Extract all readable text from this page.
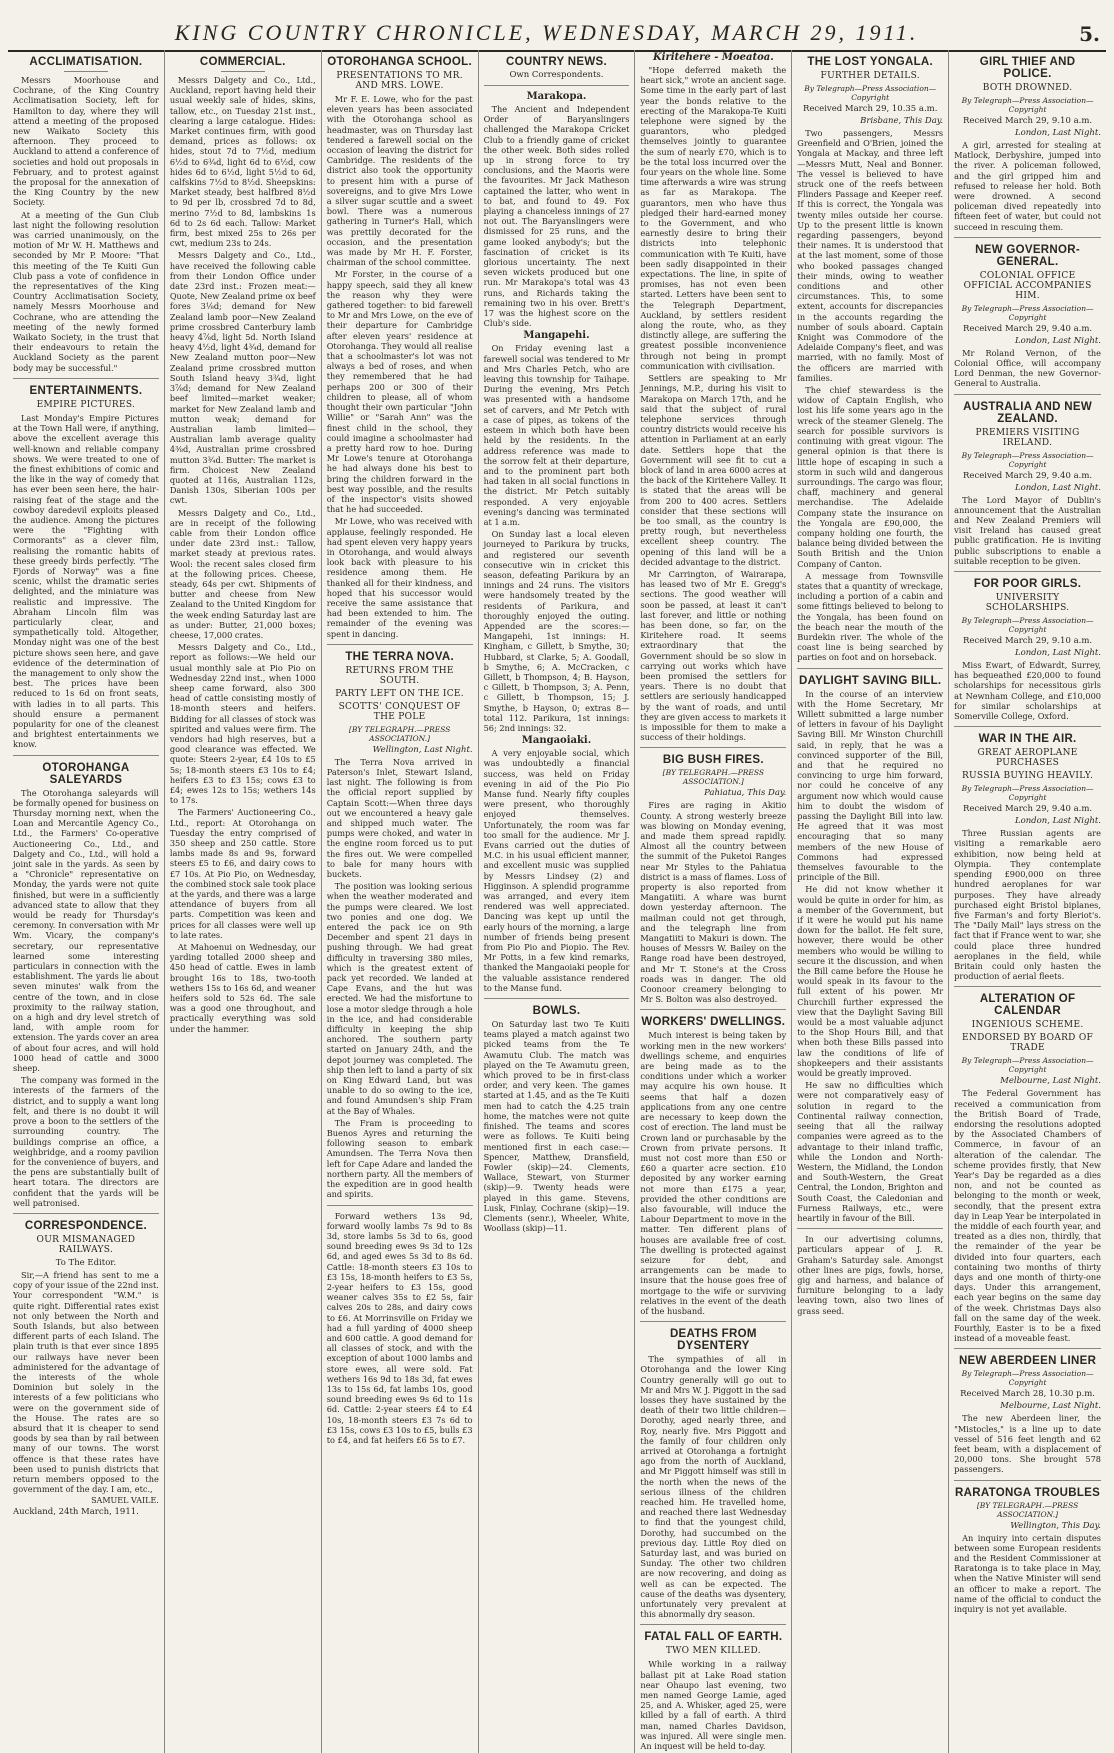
KING COUNTRY CHRONICLE, WEDNESDAY, MARCH 29, 1911.	5.
ACCLIMATISATION.

Messrs Moorhouse and Cochrane, of the King Country Acclimatisation Society, left for Hamilton to day, where they will attend a meeting of the proposed new Waikato Society this afternoon. They proceed to Auckland to attend a conference of societies and hold out proposals in February, and to protest against the proposal for the annexation of the King Country by the new Society.

At a meeting of the Gun Club last night the following resolution was carried unanimously, on the motion of Mr W. H. Matthews and seconded by Mr P. Moore: "That this meeting of the Te Kuiti Gun Club pass a vote of confidence in the representatives of the King Country Acclimatisation Society, namely Messrs Moorhouse and Cochrane, who are attending the meeting of the newly formed Waikato Society, in the trust that their endeavours to retain the Auckland Society as the parent body may be successful."

ENTERTAINMENTS.
EMPIRE PICTURES.

Last Monday's Empire Pictures at the Town Hall were, if anything, above the excellent average this well-known and reliable company shows. We were treated to one of the finest exhibitions of comic and the like in the way of comedy that has ever been seen here, the hair-raising feat of the stage and the cowboy daredevil exploits pleased the audience. Among the pictures were the "Fighting with Cormorants" as a clever film, realising the romantic habits of these greedy birds perfectly. "The Fjords of Norway" was a fine scenic, whilst the dramatic series delighted, and the miniature was realistic and impressive. The Abraham Lincoln film was particularly clear, and sympathetically told. Altogether, Monday night was one of the best picture shows seen here, and gave evidence of the determination of the management to only show the best. The prices have been reduced to 1s 6d on front seats, with ladies in to all parts. This should ensure a permanent popularity for one of the cleanest and brightest entertainments we know.

OTOROHANGA SALEYARDS

The Otorohanga saleyards will be formally opened for business on Thursday morning next, when the Loan and Mercantile Agency Co., Ltd., the Farmers' Co-operative Auctioneering Co., Ltd., and Dalgety and Co., Ltd., will hold a joint sale in the yards. As seen by a "Chronicle" representative on Monday, the yards were not quite finished, but were in a sufficiently advanced state to allow that they would be ready for Thursday's ceremony. In conversation with Mr Wm. Vicary, the company's secretary, our representative learned some interesting particulars in connection with the establishment. The yards lie about seven minutes' walk from the centre of the town, and in close proximity to the railway station, on a high and dry level stretch of land, with ample room for extension. The yards cover an area of about four acres, and will hold 1000 head of cattle and 3000 sheep.

The company was formed in the interests of the farmers of the district, and to supply a want long felt, and there is no doubt it will prove a boon to the settlers of the surrounding country. The buildings comprise an office, a weighbridge, and a roomy pavilion for the convenience of buyers, and the pens are substantially built of heart totara. The directors are confident that the yards will be well patronised.

CORRESPONDENCE.
OUR MISMANAGED RAILWAYS.
To The Editor.

Sir,—A friend has sent to me a copy of your issue of the 22nd inst. Your correspondent "W.M." is quite right. Differential rates exist not only between the North and South Islands, but also between different parts of each Island. The plain truth is that ever since 1895 our railways have never been administered for the advantage of the interests of the whole Dominion but solely in the interests of a few politicians who were on the government side of the House. The rates are so absurd that it is cheaper to send goods by sea than by rail between many of our towns. The worst offence is that these rates have been used to punish districts that return members opposed to the government of the day. I am, etc.,

SAMUEL VAILE.
Auckland, 24th March, 1911.
COMMERCIAL.

Messrs Dalgety and Co., Ltd., Auckland, report having held their usual weekly sale of hides, skins, tallow, etc., on Tuesday 21st inst., clearing a large catalogue. Hides: Market continues firm, with good demand, prices as follows: ox hides, stout 7d to 7½d, medium 6½d to 6¾d, light 6d to 6½d, cow hides 6d to 6½d, light 5½d to 6d, calfskins 7½d to 8½d. Sheepskins: Market steady, best halfbred 8½d to 9d per lb, crossbred 7d to 8d, merino 7½d to 8d, lambskins 1s 6d to 2s 6d each. Tallow: Market firm, best mixed 25s to 26s per cwt, medium 23s to 24s.

Messrs Dalgety and Co., Ltd., have received the following cable from their London Office under date 23rd inst.: Frozen meat:—Quote, New Zealand prime ox beef fores 3⅛d; demand for New Zealand lamb poor—New Zealand prime crossbred Canterbury lamb heavy 4⅞d, light 5d. North Island heavy 4½d, light 4¾d, demand for New Zealand mutton poor—New Zealand prime crossbred mutton South Island heavy 3¾d, light 3⅞d; demand for New Zealand beef limited—market weaker; market for New Zealand lamb and mutton weak; demand for Australian lamb limited—Australian lamb average quality 4⅜d, Australian prime crossbred mutton 3¾d. Butter: The market is firm. Choicest New Zealand quoted at 116s, Australian 112s, Danish 130s, Siberian 100s per cwt.

Messrs Dalgety and Co., Ltd., are in receipt of the following cable from their London office under date 23rd inst.: Tallow, market steady at previous rates. Wool: the recent sales closed firm at the following prices. Cheese, steady, 64s per cwt. Shipments of butter and cheese from New Zealand to the United Kingdom for the week ending Saturday last are as under: Butter, 21,000 boxes; cheese, 17,000 crates.

Messrs Dalgety and Co., Ltd., report as follows:—We held our usual monthly sale at Pio Pio on Wednesday 22nd inst., when 1000 sheep came forward, also 300 head of cattle consisting mostly of 18-month steers and heifers. Bidding for all classes of stock was spirited and values were firm. The vendors had high reserves, but a good clearance was effected. We quote: Steers 2-year, £4 10s to £5 5s; 18-month steers £3 10s to £4; heifers £3 to £3 15s; cows £3 to £4; ewes 12s to 15s; wethers 14s to 17s.

The Farmers' Auctioneering Co., Ltd., report: At Otorohanga on Tuesday the entry comprised of 350 sheep and 250 cattle. Store lambs made 8s and 9s, forward steers £5 to £6, and dairy cows to £7 10s. At Pio Pio, on Wednesday, the combined stock sale took place at the yards, and there was a large attendance of buyers from all parts. Competition was keen and prices for all classes were well up to late rates.

At Mahoenui on Wednesday, our yarding totalled 2000 sheep and 450 head of cattle. Ewes in lamb brought 16s to 18s, two-tooth wethers 15s to 16s 6d, and weaner heifers sold to 52s 6d. The sale was a good one throughout, and practically everything was sold under the hammer.

OTOROHANGA SCHOOL.
PRESENTATIONS TO MR. AND MRS. LOWE.

Mr F. E. Lowe, who for the past eleven years has been associated with the Otorohanga school as headmaster, was on Thursday last tendered a farewell social on the occasion of leaving the district for Cambridge. The residents of the district also took the opportunity to present him with a purse of sovereigns, and to give Mrs Lowe a silver sugar scuttle and a sweet bowl. There was a numerous gathering in Turner's Hall, which was prettily decorated for the occasion, and the presentation was made by Mr H. F. Forster, chairman of the school committee.

Mr Forster, in the course of a happy speech, said they all knew the reason why they were gathered together: to bid farewell to Mr and Mrs Lowe, on the eve of their departure for Cambridge after eleven years' residence at Otorohanga. They would all realise that a schoolmaster's lot was not always a bed of roses, and when they remembered that he had perhaps 200 or 300 of their children to please, all of whom thought their own particular "John Willie" or "Sarah Ann" was the finest child in the school, they could imagine a schoolmaster had a pretty hard row to hoe. During Mr Lowe's tenure at Otorohanga he had always done his best to bring the children forward in the best way possible, and the results of the inspector's visits showed that he had succeeded.

Mr Lowe, who was received with applause, feelingly responded. He had spent eleven very happy years in Otorohanga, and would always look back with pleasure to his residence among them. He thanked all for their kindness, and hoped that his successor would receive the same assistance that had been extended to him. The remainder of the evening was spent in dancing.

THE TERRA NOVA.
RETURNS FROM THE SOUTH.
PARTY LEFT ON THE ICE.
SCOTTS' CONQUEST OF THE POLE
[BY TELEGRAPH.—PRESS ASSOCIATION.]
Wellington, Last Night.

The Terra Nova arrived in Paterson's Inlet, Stewart Island, last night. The following is from the official report supplied by Captain Scott:—When three days out we encountered a heavy gale and shipped much water. The pumps were choked, and water in the engine room forced us to put the fires out. We were compelled to bale for many hours with buckets.

The position was looking serious when the weather moderated and the pumps were cleared. We lost two ponies and one dog. We entered the pack ice on 9th December and spent 21 days in pushing through. We had great difficulty in traversing 380 miles, which is the greatest extent of pack yet recorded. We landed at Cape Evans, and the hut was erected. We had the misfortune to lose a motor sledge through a hole in the ice, and had considerable difficulty in keeping the ship anchored. The southern party started on January 24th, and the depot journey was completed. The ship then left to land a party of six on King Edward Land, but was unable to do so owing to the ice, and found Amundsen's ship Fram at the Bay of Whales.

The Fram is proceeding to Buenos Ayres and returning the following season to embark Amundsen. The Terra Nova then left for Cape Adare and landed the northern party. All the members of the expedition are in good health and spirits.

Forward wethers 13s 9d, forward woolly lambs 7s 9d to 8s 3d, store lambs 5s 3d to 6s, good sound breeding ewes 9s 3d to 12s 6d, and aged ewes 5s 3d to 8s 6d. Cattle: 18-month steers £3 10s to £3 15s, 18-month heifers to £3 5s, 2-year heifers to £3 15s, good weaner calves 35s to £2 5s, fair calves 20s to 28s, and dairy cows to £6. At Morrinsville on Friday we had a full yarding of 4000 sheep and 600 cattle. A good demand for all classes of stock, and with the exception of about 1000 lambs and store ewes, all were sold. Fat wethers 16s 9d to 18s 3d, fat ewes 13s to 15s 6d, fat lambs 10s, good sound breeding ewes 9s 6d to 11s 6d. Cattle: 2-year steers £4 to £4 10s, 18-month steers £3 7s 6d to £3 15s, cows £3 10s to £5, bulls £3 to £4, and fat heifers £6 5s to £7.

COUNTRY NEWS.
Own Correspondents.
Marakopa.

The Ancient and Independent Order of Baryanslingers challenged the Marakopa Cricket Club to a friendly game of cricket the other week. Both sides rolled up in strong force to try conclusions, and the Maoris were the favourites. Mr Jack Matheson captained the latter, who went in to bat, and found to 49. Fox playing a chanceless innings of 27 not out. The Baryanslingers were dismissed for 25 runs, and the game looked anybody's; but the fascination of cricket is its glorious uncertainty. The next seven wickets produced but one run. Mr Marakopa's total was 43 runs, and Richards taking the remaining two in his over. Brett's 17 was the highest score on the Club's side.

Mangapehi.

On Friday evening last a farewell social was tendered to Mr and Mrs Charles Petch, who are leaving this township for Taihape. During the evening, Mrs Petch was presented with a handsome set of carvers, and Mr Petch with a case of pipes, as tokens of the esteem in which both have been held by the residents. In the address reference was made to the sorrow felt at their departure, and to the prominent part both had taken in all social functions in the district. Mr Petch suitably responded. A very enjoyable evening's dancing was terminated at 1 a.m.

On Sunday last a local eleven journeyed to Parikura by trucks, and registered our seventh consecutive win in cricket this season, defeating Parikura by an innings and 24 runs. The visitors were handsomely treated by the residents of Parikura, and thoroughly enjoyed the outing. Appended are the scores:—Mangapehi, 1st innings: H. Kingham, c Gillett, b Smythe, 30; Hubbard, st Clarke, 5; A. Goodall, b Smythe, 6; A. McCracken, c Gillett, b Thompson, 4; B. Hayson, c Gillett, b Thompson, 3; A. Penn, c Gillett, b Thompson, 15; J. Smythe, b Hayson, 0; extras 8—total 112. Parikura, 1st innings: 56; 2nd innings: 32.

Mangaoiaki.

A very enjoyable social, which was undoubtedly a financial success, was held on Friday evening in aid of the Pio Pio Manse fund. Nearly fifty couples were present, who thoroughly enjoyed themselves. Unfortunately, the room was far too small for the audience. Mr J. Evans carried out the duties of M.C. in his usual efficient manner, and excellent music was supplied by Messrs Lindsey (2) and Higginson. A splendid programme was arranged, and every item rendered was well appreciated. Dancing was kept up until the early hours of the morning, a large number of friends being present from Pio Pio and Piopio. The Rev. Mr Potts, in a few kind remarks, thanked the Mangaoiaki people for the valuable assistance rendered to the Manse fund.

BOWLS.

On Saturday last two Te Kuiti teams played a match against two picked teams from the Te Awamutu Club. The match was played on the Te Awamutu green, which proved to be in first-class order, and very keen. The games started at 1.45, and as the Te Kuiti men had to catch the 4.25 train home, the matches were not quite finished. The teams and scores were as follows. Te Kuiti being mentioned first in each case:—Spencer, Matthew, Dransfield, Fowler (skip)—24. Clements, Wallace, Stewart, von Sturmer (skip)—9. Twenty heads were played in this game. Stevens, Lusk, Finlay, Cochrane (skip)—19. Clements (senr.), Wheeler, White, Woollass (skip)—11.

Kiritehere - Moeatoa.

"Hope deferred maketh the heart sick," wrote an ancient sage. Some time in the early part of last year the bonds relative to the erecting of the Marakopa-Te Kuiti telephone were signed by the guarantors, who pledged themselves jointly to guarantee the sum of nearly £70, which is to be the total loss incurred over the four years on the whole line. Some time afterwards a wire was strung as far as Marakopa. The guarantors, men who have thus pledged their hard-earned money to the Government, and who earnestly desire to bring their districts into telephonic communication with Te Kuiti, have been sadly disappointed in their expectations. The line, in spite of promises, has not even been started. Letters have been sent to the Telegraph Department, Auckland, by settlers resident along the route, who, as they distinctly allege, are suffering the greatest possible inconvenience through not being in prompt communication with civilisation.

Settlers are speaking to Mr Jennings, M.P., during his visit to Marakopa on March 17th, and he said that the subject of rural telephone services through country districts would receive his attention in Parliament at an early date. Settlers hope that the Government will see fit to cut a block of land in area 6000 acres at the back of the Kiritehere Valley. It is stated that the areas will be from 200 to 400 acres. Settlers consider that these sections will be too small, as the country is pretty rough, but nevertheless excellent sheep country. The opening of this land will be a decided advantage to the district.

Mr Carrington, of Wairarapa, has leased two of Mr E. Gregg's sections. The good weather will soon be passed, at least it can't last forever, and little or nothing has been done, so far, on the Kiritehere road. It seems extraordinary that the Government should be so slow in carrying out works which have been promised the settlers for years. There is no doubt that settlers are seriously handicapped by the want of roads, and until they are given access to markets it is impossible for them to make a success of their holdings.

BIG BUSH FIRES.
[BY TELEGRAPH.—PRESS ASSOCIATION.]
Pahiatua, This Day.

Fires are raging in Akitio County. A strong westerly breeze was blowing on Monday evening, and made them spread rapidly. Almost all the country between the summit of the Puketoi Ranges near Mr Styles to the Pahiatua district is a mass of flames. Loss of property is also reported from Mangatiiti. A whare was burnt down yesterday afternoon. The mailman could not get through, and the telegraph line from Mangatiiti to Makuri is down. The houses of Messrs W. Bailey on the Range road have been destroyed, and Mr T. Stone's at the Cross roads was in danger. The old Coonoor creamery belonging to Mr S. Bolton was also destroyed.

WORKERS' DWELLINGS.

Much interest is being taken by working men in the new workers' dwellings scheme, and enquiries are being made as to the conditions under which a worker may acquire his own house. It seems that half a dozen applications from any one centre are necessary to keep down the cost of erection. The land must be Crown land or purchasable by the Crown from private persons. It must not cost more than £50 or £60 a quarter acre section. £10 deposited by any worker earning not more than £175 a year, provided the other conditions are also favourable, will induce the Labour Department to move in the matter. Ten different plans of houses are available free of cost. The dwelling is protected against seizure for debt, and arrangements can be made to insure that the house goes free of mortgage to the wife or surviving relatives in the event of the death of the husband.

DEATHS FROM DYSENTERY

The sympathies of all in Otorohanga and the lower King Country generally will go out to Mr and Mrs W. J. Piggott in the sad losses they have sustained by the death of their two little children—Dorothy, aged nearly three, and Roy, nearly five. Mrs Piggott and the family of four children only arrived at Otorohanga a fortnight ago from the north of Auckland, and Mr Piggott himself was still in the north when the news of the serious illness of the children reached him. He travelled home, and reached there last Wednesday to find that the youngest child, Dorothy, had succumbed on the previous day. Little Roy died on Saturday last, and was buried on Sunday. The other two children are now recovering, and doing as well as can be expected. The cause of the deaths was dysentery, unfortunately very prevalent at this abnormally dry season.

FATAL FALL OF EARTH.
TWO MEN KILLED.

While working in a railway ballast pit at Lake Road station near Ohaupo last evening, two men named George Lamie, aged 25, and A. Whisker, aged 25, were killed by a fall of earth. A third man, named Charles Davidson, was injured. All were single men. An inquest will be held to-day.

THE LOST YONGALA.
FURTHER DETAILS.
By Telegraph—Press Association—Copyright
Received March 29, 10.35 a.m.
Brisbane, This Day.

Two passengers, Messrs Greenfield and O'Brien, joined the Yongala at Mackay, and three left—Messrs Mutt, Neal and Bonner. The vessel is believed to have struck one of the reefs between Flinders Passage and Keeper reef. If this is correct, the Yongala was twenty miles outside her course. Up to the present little is known regarding passengers, beyond their names. It is understood that at the last moment, some of those who booked passages changed their minds, owing to weather conditions and other circumstances. This, to some extent, accounts for discrepancies in the accounts regarding the number of souls aboard. Captain Knight was Commodore of the Adelaide Company's fleet, and was married, with no family. Most of the officers are married with families.

The chief stewardess is the widow of Captain English, who lost his life some years ago in the wreck of the steamer Glenelg. The search for possible survivors is continuing with great vigour. The general opinion is that there is little hope of escaping in such a storm in such wild and dangerous surroundings. The cargo was flour, chaff, machinery and general merchandise. The Adelaide Company state the insurance on the Yongala are £90,000, the company holding one fourth, the balance being divided between the South British and the Union Company of Canton.

A message from Townsville states that a quantity of wreckage, including a portion of a cabin and some fittings believed to belong to the Yongala, has been found on the beach near the mouth of the Burdekin river. The whole of the coast line is being searched by parties on foot and on horseback.

DAYLIGHT SAVING BILL.

In the course of an interview with the Home Secretary, Mr Willett submitted a large number of letters in favour of his Daylight Saving Bill. Mr Winston Churchill said, in reply, that he was a convinced supporter of the Bill, and that he required no convincing to urge him forward, nor could he conceive of any argument now which would cause him to doubt the wisdom of passing the Daylight Bill into law. He agreed that it was most encouraging that so many members of the new House of Commons had expressed themselves favourable to the principle of the Bill.

He did not know whether it would be quite in order for him, as a member of the Government, but if it were he would put his name down for the ballot. He felt sure, however, there would be other members who would be willing to secure it the discussion, and when the Bill came before the House he would speak in its favour to the full extent of his power. Mr Churchill further expressed the view that the Daylight Saving Bill would be a most valuable adjunct to the Shop Hours Bill, and that when both these Bills passed into law the conditions of life of shopkeepers and their assistants would be greatly improved.

He saw no difficulties which were not comparatively easy of solution in regard to the Continental railway connection, seeing that all the railway companies were agreed as to the advantage to their inland traffic, while the London and North-Western, the Midland, the London and South-Western, the Great Central, the London, Brighton and South Coast, the Caledonian and Furness Railways, etc., were heartily in favour of the Bill.

In our advertising columns, particulars appear of J. R. Graham's Saturday sale. Amongst other lines are pigs, fowls, horse, gig and harness, and balance of furniture belonging to a lady leaving town, also two lines of grass seed.

GIRL THIEF AND POLICE.
BOTH DROWNED.
By Telegraph—Press Association—Copyright
Received March 29, 9.10 a.m.
London, Last Night.

A girl, arrested for stealing at Matlock, Derbyshire, jumped into the river. A policeman followed, and the girl gripped him and refused to release her hold. Both were drowned. A second policeman dived repeatedly into fifteen feet of water, but could not succeed in rescuing them.

NEW GOVERNOR-GENERAL.
COLONIAL OFFICE OFFICIAL ACCOMPANIES HIM.
By Telegraph—Press Association—Copyright
Received March 29, 9.40 a.m.
London, Last Night.

Mr Roland Vernon, of the Colonial Office, will accompany Lord Denman, the new Governor-General to Australia.

AUSTRALIA AND NEW ZEALAND.
PREMIERS VISITING IRELAND.
By Telegraph—Press Association—Copyright
Received March 29, 9.40 a.m.
London, Last Night.

The Lord Mayor of Dublin's announcement that the Australian and New Zealand Premiers will visit Ireland has caused great public gratification. He is inviting public subscriptions to enable a suitable reception to be given.

FOR POOR GIRLS.
UNIVERSITY SCHOLARSHIPS.
By Telegraph—Press Association—Copyright
Received March 29, 9.10 a.m.
London, Last Night.

Miss Ewart, of Edwardt, Surrey, has bequeathed £20,000 to found scholarships for necessitous girls at Newnham College, and £10,000 for similar scholarships at Somerville College, Oxford.

WAR IN THE AIR.
GREAT AEROPLANE PURCHASES
RUSSIA BUYING HEAVILY.
By Telegraph—Press Association—Copyright
Received March 29, 9.40 a.m.
London, Last Night.

Three Russian agents are visiting a remarkable aero exhibition, now being held at Olympia. They contemplate spending £900,000 on three hundred aeroplanes for war purposes. They have already purchased eight Bristol biplanes, five Farman's and forty Bleriot's. The "Daily Mail" lays stress on the fact that if France went to war, she could place three hundred aeroplanes in the field, while Britain could only hasten the production of aerial fleets.

ALTERATION OF CALENDAR
INGENIOUS SCHEME.
ENDORSED BY BOARD OF TRADE
By Telegraph—Press Association—Copyright
Melbourne, Last Night.

The Federal Government has received a communication from the British Board of Trade, endorsing the resolutions adopted by the Associated Chambers of Commerce, in favour of an alteration of the calendar. The scheme provides firstly, that New Year's Day be regarded as a dies non, and not be counted as belonging to the month or week, secondly, that the present extra day in Leap Year be interpolated in the middle of each fourth year, and treated as a dies non, thirdly, that the remainder of the year be divided into four quarters, each containing two months of thirty days and one month of thirty-one days. Under this arrangement, each year begins on the same day of the week. Christmas Days also fall on the same day of the week. Fourthly, Easter is to be a fixed instead of a moveable feast.

NEW ABERDEEN LINER
By Telegraph—Press Association—Copyright
Received March 28, 10.30 p.m.
Melbourne, Last Night.

The new Aberdeen liner, the "Mistocles," is a line up to date vessel of 516 feet length and 62 feet beam, with a displacement of 20,000 tons. She brought 578 passengers.

RARATONGA TROUBLES
[BY TELEGRAPH.—PRESS ASSOCIATION.]
Wellington, This Day.

An inquiry into certain disputes between some European residents and the Resident Commissioner at Raratonga is to take place in May, when the Native Minister will send an officer to make a report. The name of the official to conduct the inquiry is not yet available.
